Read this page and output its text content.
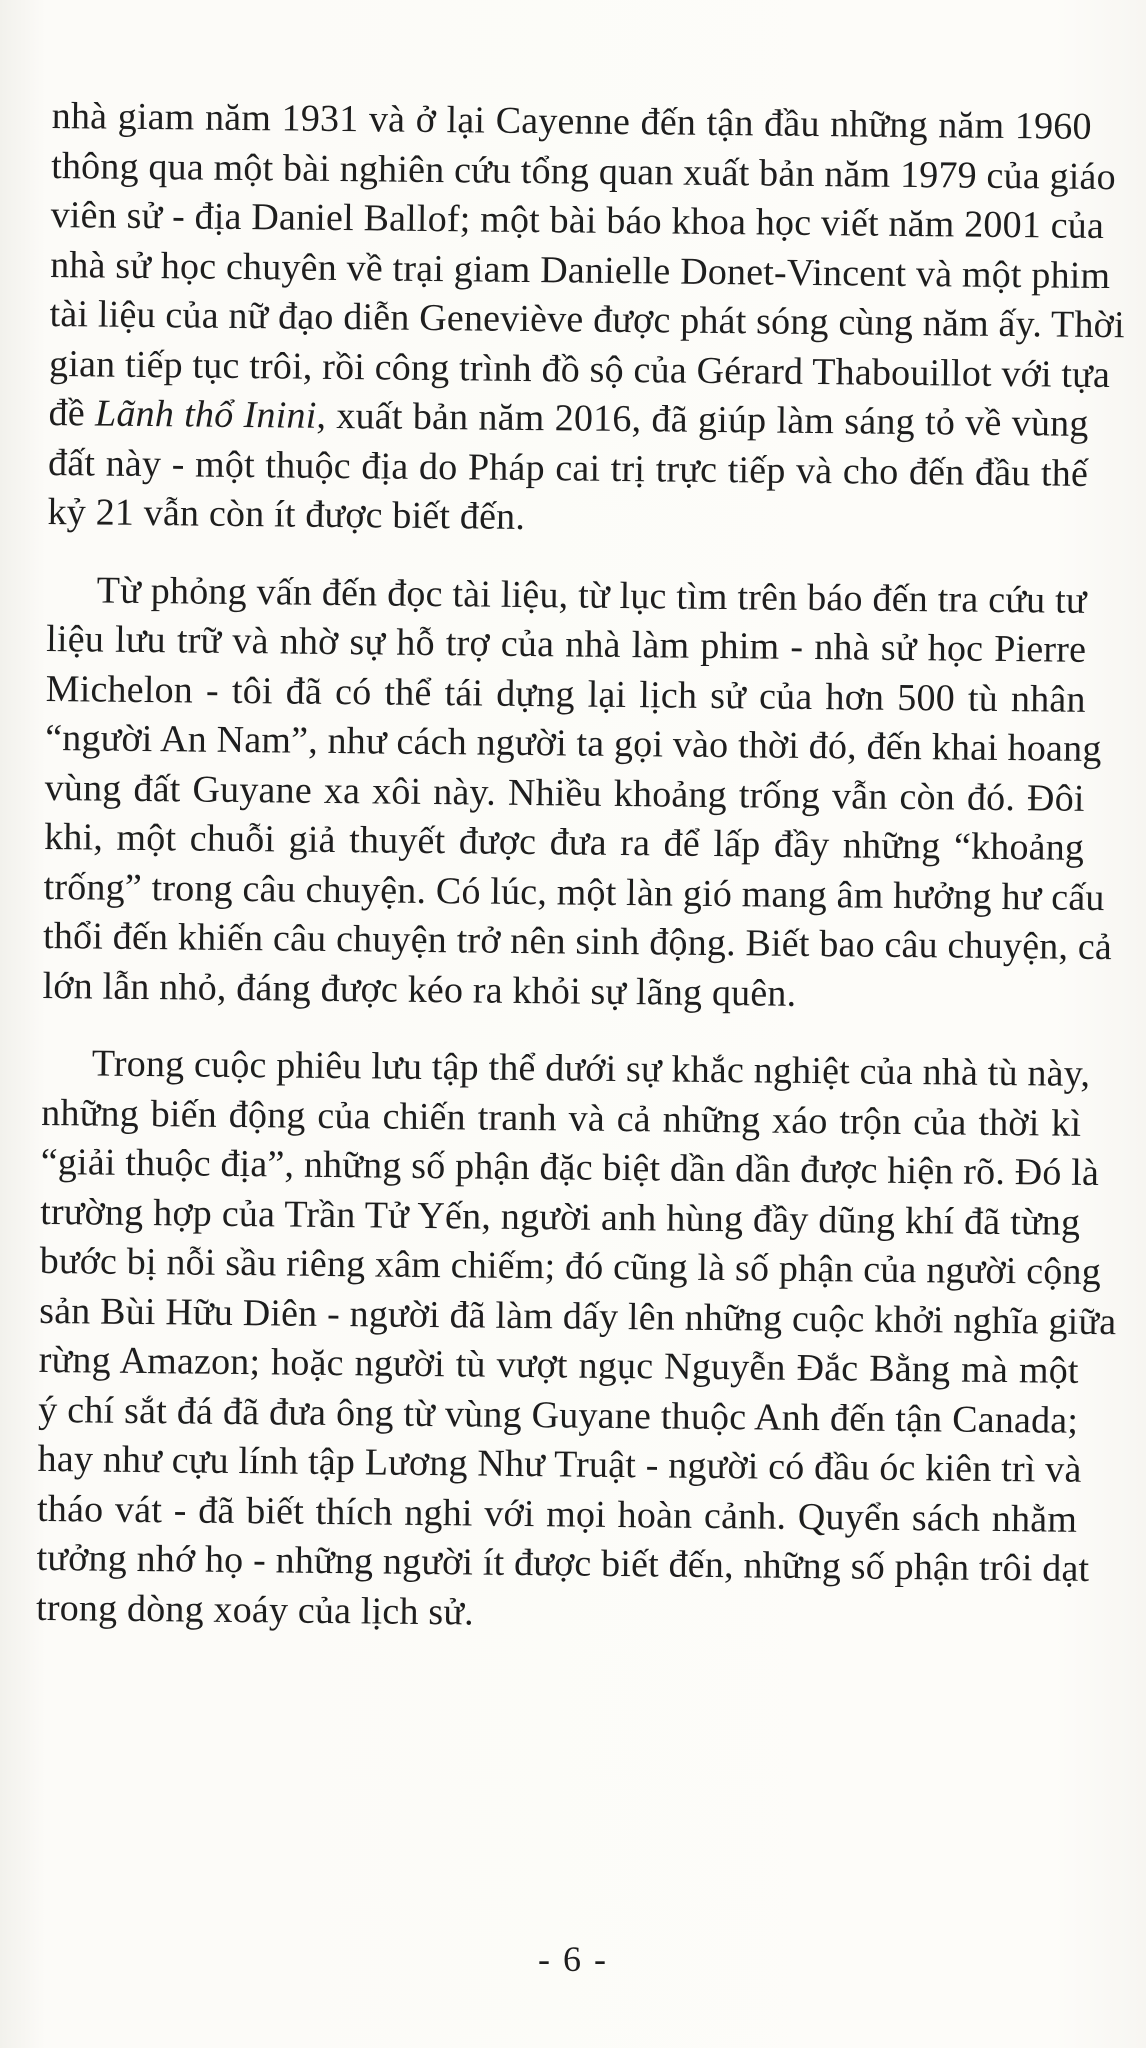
nhà giam năm 1931 và ở lại Cayenne đến tận đầu những năm 1960
thông qua một bài nghiên cứu tổng quan xuất bản năm 1979 của giáo
viên sử - địa Daniel Ballof; một bài báo khoa học viết năm 2001 của
nhà sử học chuyên về trại giam Danielle Donet-Vincent và một phim
tài liệu của nữ đạo diễn Geneviève được phát sóng cùng năm ấy. Thời
gian tiếp tục trôi, rồi công trình đồ sộ của Gérard Thabouillot với tựa
đề Lãnh thổ Inini, xuất bản năm 2016, đã giúp làm sáng tỏ về vùng
đất này - một thuộc địa do Pháp cai trị trực tiếp và cho đến đầu thế
kỷ 21 vẫn còn ít được biết đến.
Từ phỏng vấn đến đọc tài liệu, từ lục tìm trên báo đến tra cứu tư
liệu lưu trữ và nhờ sự hỗ trợ của nhà làm phim - nhà sử học Pierre
Michelon - tôi đã có thể tái dựng lại lịch sử của hơn 500 tù nhân
“người An Nam”, như cách người ta gọi vào thời đó, đến khai hoang
vùng đất Guyane xa xôi này. Nhiều khoảng trống vẫn còn đó. Đôi
khi, một chuỗi giả thuyết được đưa ra để lấp đầy những “khoảng
trống” trong câu chuyện. Có lúc, một làn gió mang âm hưởng hư cấu
thổi đến khiến câu chuyện trở nên sinh động. Biết bao câu chuyện, cả
lớn lẫn nhỏ, đáng được kéo ra khỏi sự lãng quên.
Trong cuộc phiêu lưu tập thể dưới sự khắc nghiệt của nhà tù này,
những biến động của chiến tranh và cả những xáo trộn của thời kì
“giải thuộc địa”, những số phận đặc biệt dần dần được hiện rõ. Đó là
trường hợp của Trần Tử Yến, người anh hùng đầy dũng khí đã từng
bước bị nỗi sầu riêng xâm chiếm; đó cũng là số phận của người cộng
sản Bùi Hữu Diên - người đã làm dấy lên những cuộc khởi nghĩa giữa
rừng Amazon; hoặc người tù vượt ngục Nguyễn Đắc Bằng mà một
ý chí sắt đá đã đưa ông từ vùng Guyane thuộc Anh đến tận Canada;
hay như cựu lính tập Lương Như Truật - người có đầu óc kiên trì và
tháo vát - đã biết thích nghi với mọi hoàn cảnh. Quyển sách nhằm
tưởng nhớ họ - những người ít được biết đến, những số phận trôi dạt
trong dòng xoáy của lịch sử.
- 6 -
